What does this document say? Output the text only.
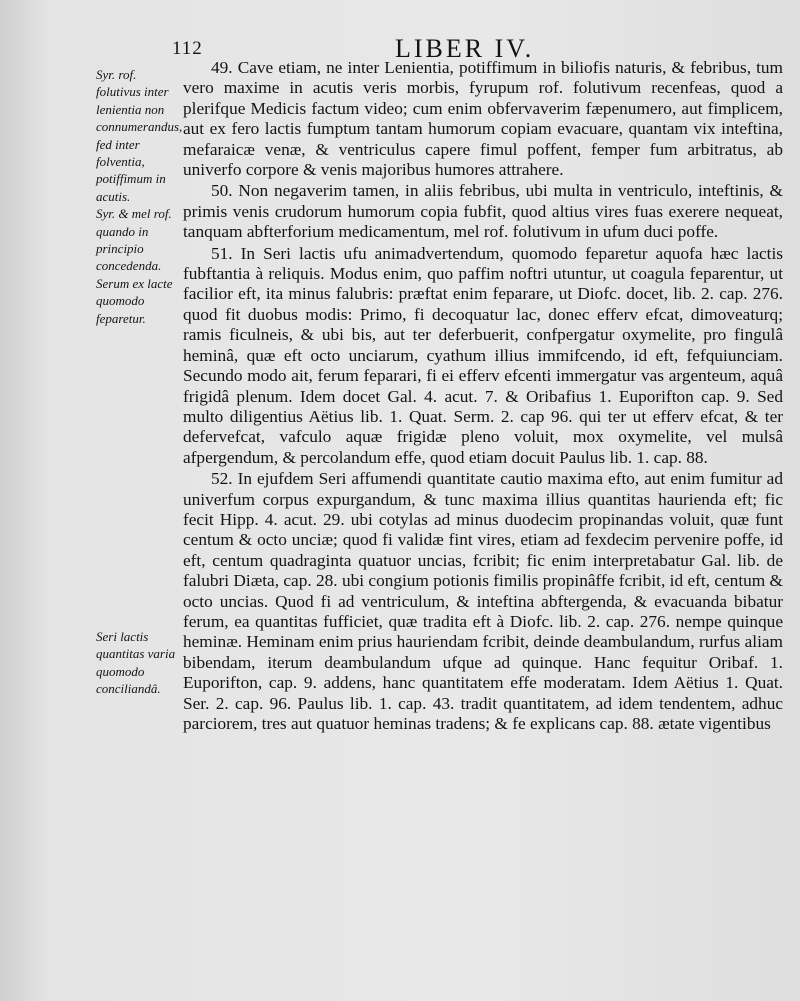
112	LIBER IV.

Syr. rof. folutivus inter lenientia non connumerandus, fed inter folventia, potiffimum in acutis.

Syr. & mel rof. quando in principio concedenda.

Serum ex lacte quomodo feparetur.

Seri lactis quantitas varia quomodo conciliandâ.

49. Cave etiam, ne inter Lenientia, potiffimum in biliofis naturis, & febribus, tum vero maxime in acutis veris morbis, fyrupum rof. folutivum recenfeas, quod a plerifque Medicis factum video; cum enim obfervaverim fæpenumero, aut fimplicem, aut ex fero lactis fumptum tantam humorum copiam evacuare, quantam vix inteftina, mefaraicæ venæ, & ventriculus capere fimul poffent, femper fum arbitratus, ab univerfo corpore & venis majoribus humores attrahere.

50. Non negaverim tamen, in aliis febribus, ubi multa in ventriculo, inteftinis, & primis venis crudorum humorum copia fubfit, quod altius vires fuas exerere nequeat, tanquam abfterforium medicamentum, mel rof. folutivum in ufum duci poffe.

51. In Seri lactis ufu animadvertendum, quomodo feparetur aquofa hæc lactis fubftantia à reliquis. Modus enim, quo paffim noftri utuntur, ut coagula feparentur, ut facilior eft, ita minus falubris: præftat enim feparare, ut Diofc. docet, lib. 2. cap. 276. quod fit duobus modis: Primo, fi decoquatur lac, donec efferv efcat, dimoveaturq; ramis ficulneis, & ubi bis, aut ter deferbuerit, confpergatur oxymelite, pro fingulâ heminâ, quæ eft octo unciarum, cyathum illius immifcendo, id eft, fefquiunciam. Secundo modo ait, ferum feparari, fi ei efferv efcenti immergatur vas argenteum, aquâ frigidâ plenum. Idem docet Gal. 4. acut. 7. & Oribafius 1. Euporifton cap. 9. Sed multo diligentius Aëtius lib. 1. Quat. Serm. 2. cap 96. qui ter ut efferv efcat, & ter defervefcat, vafculo aquæ frigidæ pleno voluit, mox oxymelite, vel mulsâ afpergendum, & percolandum effe, quod etiam docuit Paulus lib. 1. cap. 88.

52. In ejufdem Seri affumendi quantitate cautio maxima efto, aut enim fumitur ad univerfum corpus expurgandum, & tunc maxima illius quantitas haurienda eft; fic fecit Hipp. 4. acut. 29. ubi cotylas ad minus duodecim propinandas voluit, quæ funt centum & octo unciæ; quod fi validæ fint vires, etiam ad fexdecim pervenire poffe, id eft, centum quadraginta quatuor uncias, fcribit; fic enim interpretabatur Gal. lib. de falubri Diæta, cap. 28. ubi congium potionis fimilis propinâffe fcribit, id eft, centum & octo uncias. Quod fi ad ventriculum, & inteftina abftergenda, & evacuanda bibatur ferum, ea quantitas fufficiet, quæ tradita eft à Diofc. lib. 2. cap. 276. nempe quinque heminæ. Heminam enim prius hauriendam fcribit, deinde deambulandum, rurfus aliam bibendam, iterum deambulandum ufque ad quinque. Hanc fequitur Oribaf. 1. Euporifton, cap. 9. addens, hanc quantitatem effe moderatam. Idem Aëtius 1. Quat. Ser. 2. cap. 96. Paulus lib. 1. cap. 43. tradit quantitatem, ad idem tendentem, adhuc parciorem, tres aut quatuor heminas tradens; & fe explicans cap. 88. ætate vigentibus
